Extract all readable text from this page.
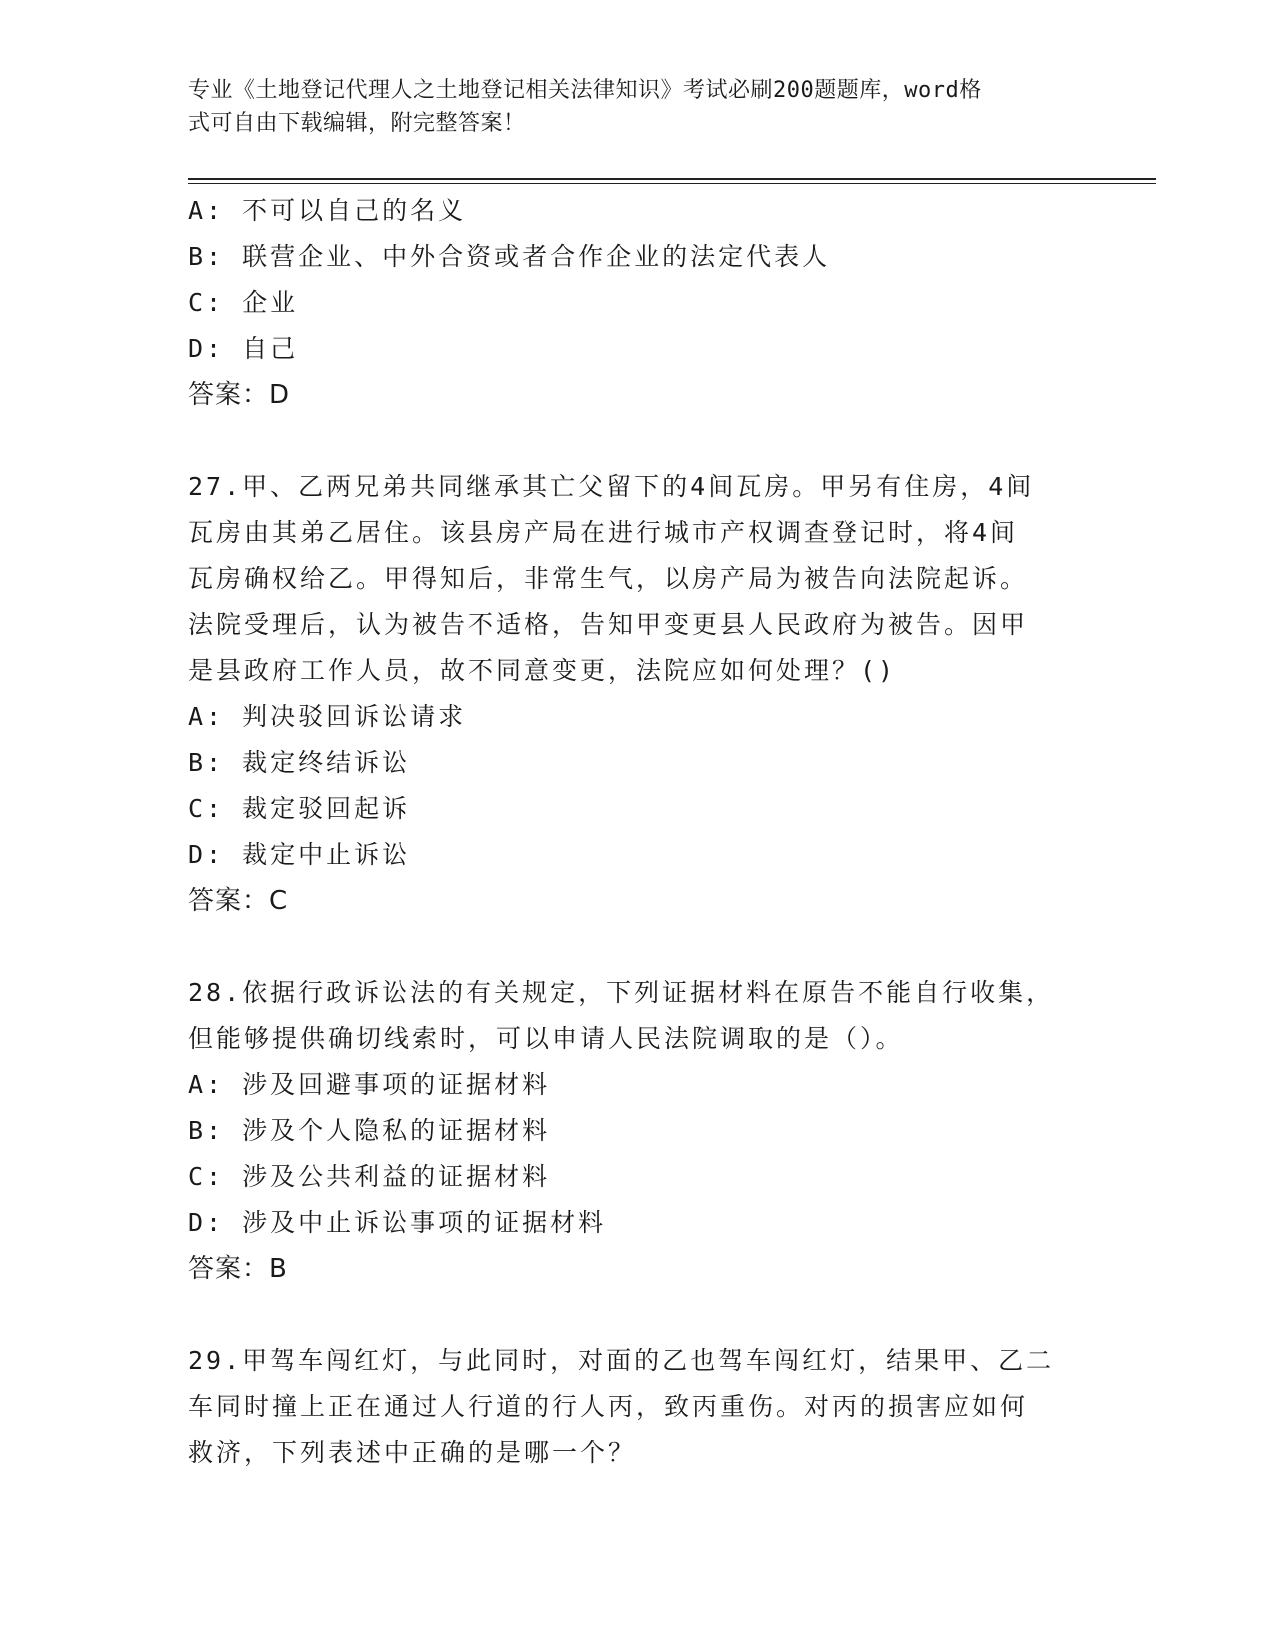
专业《土地登记代理人之土地登记相关法律知识》考试必刷200题题库，word格
式可自由下载编辑，附完整答案！
A: 不可以自己的名义
B: 联营企业、中外合资或者合作企业的法定代表人
C: 企业
D: 自己
答案：D
27.甲、乙两兄弟共同继承其亡父留下的4间瓦房。甲另有住房，4间
瓦房由其弟乙居住。该县房产局在进行城市产权调查登记时，将4间
瓦房确权给乙。甲得知后，非常生气，以房产局为被告向法院起诉。
法院受理后，认为被告不适格，告知甲变更县人民政府为被告。因甲
是县政府工作人员，故不同意变更，法院应如何处理？()
A: 判决驳回诉讼请求
B: 裁定终结诉讼
C: 裁定驳回起诉
D: 裁定中止诉讼
答案：C
28.依据行政诉讼法的有关规定，下列证据材料在原告不能自行收集，
但能够提供确切线索时，可以申请人民法院调取的是（）。
A: 涉及回避事项的证据材料
B: 涉及个人隐私的证据材料
C: 涉及公共利益的证据材料
D: 涉及中止诉讼事项的证据材料
答案：B
29.甲驾车闯红灯，与此同时，对面的乙也驾车闯红灯，结果甲、乙二
车同时撞上正在通过人行道的行人丙，致丙重伤。对丙的损害应如何
救济，下列表述中正确的是哪一个？
